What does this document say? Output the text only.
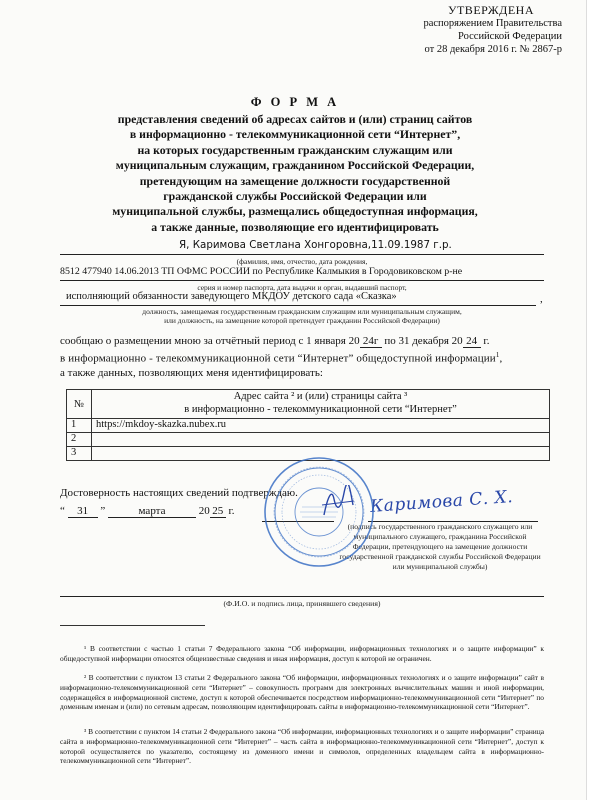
УТВЕРЖДЕНА
распоряжением Правительства
Российской Федерации
от 28 декабря 2016 г. № 2867-р
Ф О Р М А
представления сведений об адресах сайтов и (или) страниц сайтов
в информационно - телекоммуникационной сети “Интернет”,
на которых государственным гражданским служащим или
муниципальным служащим, гражданином Российской Федерации,
претендующим на замещение должности государственной
гражданской службы Российской Федерации или
муниципальной службы, размещались общедоступная информация,
а также данные, позволяющие его идентифицировать
Я, Каримова Светлана Хонгоровна,11.09.1987 г.р.
(фамилия, имя, отчество, дата рождения,
8512 477940 14.06.2013 ТП ОФМС РОССИИ по Республике Калмыкия в Городовиковском р-не
серия и номер паспорта, дата выдачи и орган, выдавший паспорт,
исполняющий обязанности заведующего МКДОУ детского сада «Сказка»	,
должность, замещаемая государственным гражданским служащим или муниципальным служащим,
или должность, на замещение которой претендует гражданин Российской Федерации)
сообщаю о размещении мною за отчётный период с 1 января 20 24г по 31 декабря 20 24 г.
в информационно - телекоммуникационной сети “Интернет” общедоступной информации$^1$,
а также данных, позволяющих меня идентифицировать:
№	Адрес сайта ² и (или) страницы сайта ³
в информационно - телекоммуникационной сети “Интернет”

1	https://mkdoy-skazka.nubex.ru
2	
3	
Достоверность настоящих сведений подтверждаю.
“ 31 ”	марта	20 25 г.	Каримова С. Х.
(подпись государственного гражданского служащего или
муниципального служащего, гражданина Российской
Федерации, претендующего на замещение должности
государственной гражданской службы Российской Федерации
или муниципальной службы)
(Ф.И.О. и подпись лица, принявшего сведения)
¹ В соответствии с частью 1 статьи 7 Федерального закона “Об информации, информационных технологиях и о защите информации” к общедоступной информации относятся общеизвестные сведения и иная информация, доступ к которой не ограничен.
² В соответствии с пунктом 13 статьи 2 Федерального закона “Об информации, информационных технологиях и о защите информации” сайт в информационно-телекоммуникационной сети “Интернет” – совокупность программ для электронных вычислительных машин и иной информации, содержащейся в информационной системе, доступ к которой обеспечивается посредством информационно-телекоммуникационной сети “Интернет” по доменным именам и (или) по сетевым адресам, позволяющим идентифицировать сайты в информационно-телекоммуникационной сети “Интернет”.
³ В соответствии с пунктом 14 статьи 2 Федерального закона “Об информации, информационных технологиях и о защите информации” страница сайта в информационно-телекоммуникационной сети “Интернет” – часть сайта в информационно-телекоммуникационной сети “Интернет”, доступ к которой осуществляется по указателю, состоящему из доменного имени и символов, определенных владельцем сайта в информационно-телекоммуникационной сети “Интернет”.
